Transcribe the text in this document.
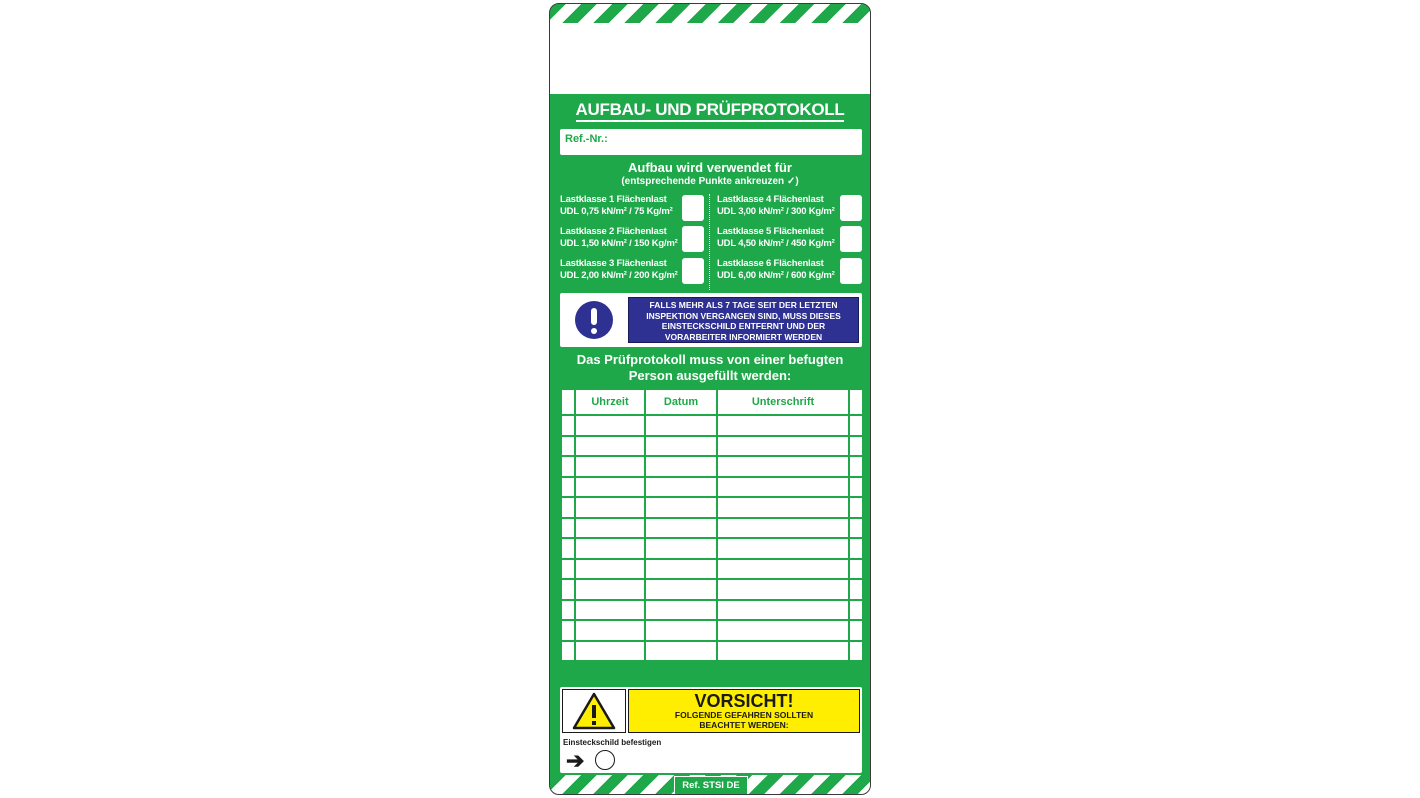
AUFBAU- UND PRÜFPROTOKOLL
Ref.-Nr.:
Aufbau wird verwendet für
(entsprechende Punkte ankreuzen ✓)
Lastklasse 1 Flächenlast
UDL 0,75 kN/m² / 75 Kg/m²
Lastklasse 2 Flächenlast
UDL 1,50 kN/m² / 150 Kg/m²
Lastklasse 3 Flächenlast
UDL 2,00 kN/m² / 200 Kg/m²
Lastklasse 4 Flächenlast
UDL 3,00 kN/m² / 300 Kg/m²
Lastklasse 5 Flächenlast
UDL 4,50 kN/m² / 450 Kg/m²
Lastklasse 6 Flächenlast
UDL 6,00 kN/m² / 600 Kg/m²
FALLS MEHR ALS 7 TAGE SEIT DER LETZTEN
INSPEKTION VERGANGEN SIND, MUSS DIESES
EINSTECKSCHILD ENTFERNT UND DER
VORARBEITER INFORMIERT WERDEN
Das Prüfprotokoll muss von einer befugten
Person ausgefüllt werden:
	Uhrzeit	Datum	Unterschrift	

VORSICHT!
FOLGENDE GEFAHREN SOLLTEN
BEACHTET WERDEN:
Einsteckschild befestigen
➔
Ref. STSI DE
